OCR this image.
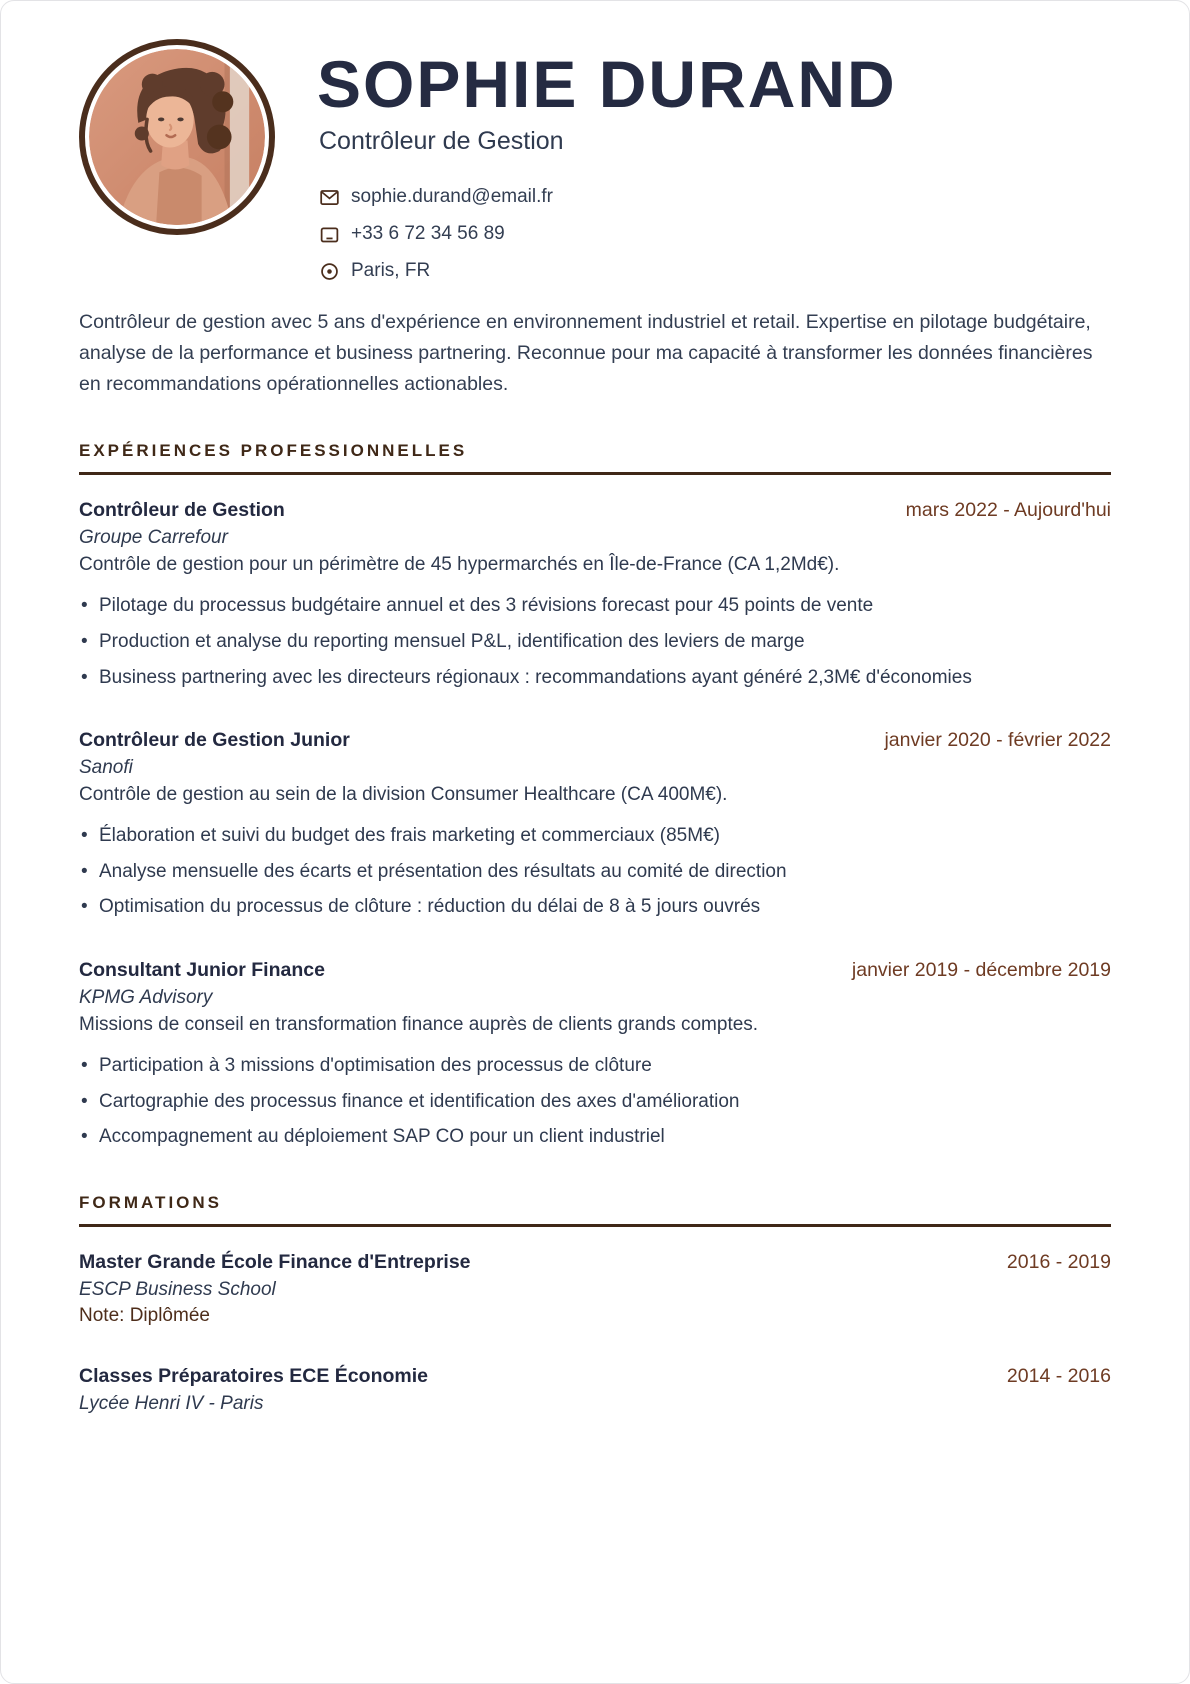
SOPHIE DURAND
Contrôleur de Gestion
sophie.durand@email.fr
+33 6 72 34 56 89
Paris, FR

Contrôleur de gestion avec 5 ans d'expérience en environnement industriel et retail. Expertise en pilotage budgétaire, analyse de la performance et business partnering. Reconnue pour ma capacité à transformer les données financières en recommandations opérationnelles actionables.

EXPÉRIENCES PROFESSIONNELLES
Contrôleur de Gestion	mars 2022 - Aujourd'hui
Groupe Carrefour
Contrôle de gestion pour un périmètre de 45 hypermarchés en Île-de-France (CA 1,2Md€).
• Pilotage du processus budgétaire annuel et des 3 révisions forecast pour 45 points de vente
• Production et analyse du reporting mensuel P&L, identification des leviers de marge
• Business partnering avec les directeurs régionaux : recommandations ayant généré 2,3M€ d'économies
Contrôleur de Gestion Junior	janvier 2020 - février 2022
Sanofi
Contrôle de gestion au sein de la division Consumer Healthcare (CA 400M€).
• Élaboration et suivi du budget des frais marketing et commerciaux (85M€)
• Analyse mensuelle des écarts et présentation des résultats au comité de direction
• Optimisation du processus de clôture : réduction du délai de 8 à 5 jours ouvrés
Consultant Junior Finance	janvier 2019 - décembre 2019
KPMG Advisory
Missions de conseil en transformation finance auprès de clients grands comptes.
• Participation à 3 missions d'optimisation des processus de clôture
• Cartographie des processus finance et identification des axes d'amélioration
• Accompagnement au déploiement SAP CO pour un client industriel
FORMATIONS
Master Grande École Finance d'Entreprise	2016 - 2019
ESCP Business School
Note: Diplômée
Classes Préparatoires ECE Économie	2014 - 2016
Lycée Henri IV - Paris
